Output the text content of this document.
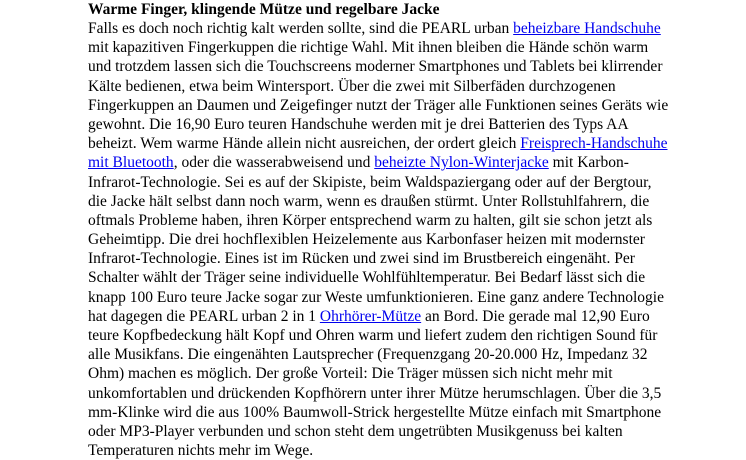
Warme Finger, klingende Mütze und regelbare Jacke
Falls es doch noch richtig kalt werden sollte, sind die PEARL urban beheizbare Handschuhe
mit kapazitiven Fingerkuppen die richtige Wahl. Mit ihnen bleiben die Hände schön warm
und trotzdem lassen sich die Touchscreens moderner Smartphones und Tablets bei klirrender
Kälte bedienen, etwa beim Wintersport. Über die zwei mit Silberfäden durchzogenen
Fingerkuppen an Daumen und Zeigefinger nutzt der Träger alle Funktionen seines Geräts wie
gewohnt. Die 16,90 Euro teuren Handschuhe werden mit je drei Batterien des Typs AA
beheizt. Wem warme Hände allein nicht ausreichen, der ordert gleich Freisprech-Handschuhe
mit Bluetooth, oder die wasserabweisend und beheizte Nylon-Winterjacke mit Karbon-
Infrarot-Technologie. Sei es auf der Skipiste, beim Waldspaziergang oder auf der Bergtour,
die Jacke hält selbst dann noch warm, wenn es draußen stürmt. Unter Rollstuhlfahrern, die
oftmals Probleme haben, ihren Körper entsprechend warm zu halten, gilt sie schon jetzt als
Geheimtipp. Die drei hochflexiblen Heizelemente aus Karbonfaser heizen mit modernster
Infrarot-Technologie. Eines ist im Rücken und zwei sind im Brustbereich eingenäht. Per
Schalter wählt der Träger seine individuelle Wohlfühltemperatur. Bei Bedarf lässt sich die
knapp 100 Euro teure Jacke sogar zur Weste umfunktionieren. Eine ganz andere Technologie
hat dagegen die PEARL urban 2 in 1 Ohrhörer-Mütze an Bord. Die gerade mal 12,90 Euro
teure Kopfbedeckung hält Kopf und Ohren warm und liefert zudem den richtigen Sound für
alle Musikfans. Die eingenähten Lautsprecher (Frequenzgang 20-20.000 Hz, Impedanz 32
Ohm) machen es möglich. Der große Vorteil: Die Träger müssen sich nicht mehr mit
unkomfortablen und drückenden Kopfhörern unter ihrer Mütze herumschlagen. Über die 3,5
mm-Klinke wird die aus 100% Baumwoll-Strick hergestellte Mütze einfach mit Smartphone
oder MP3-Player verbunden und schon steht dem ungetrübten Musikgenuss bei kalten
Temperaturen nichts mehr im Wege.
